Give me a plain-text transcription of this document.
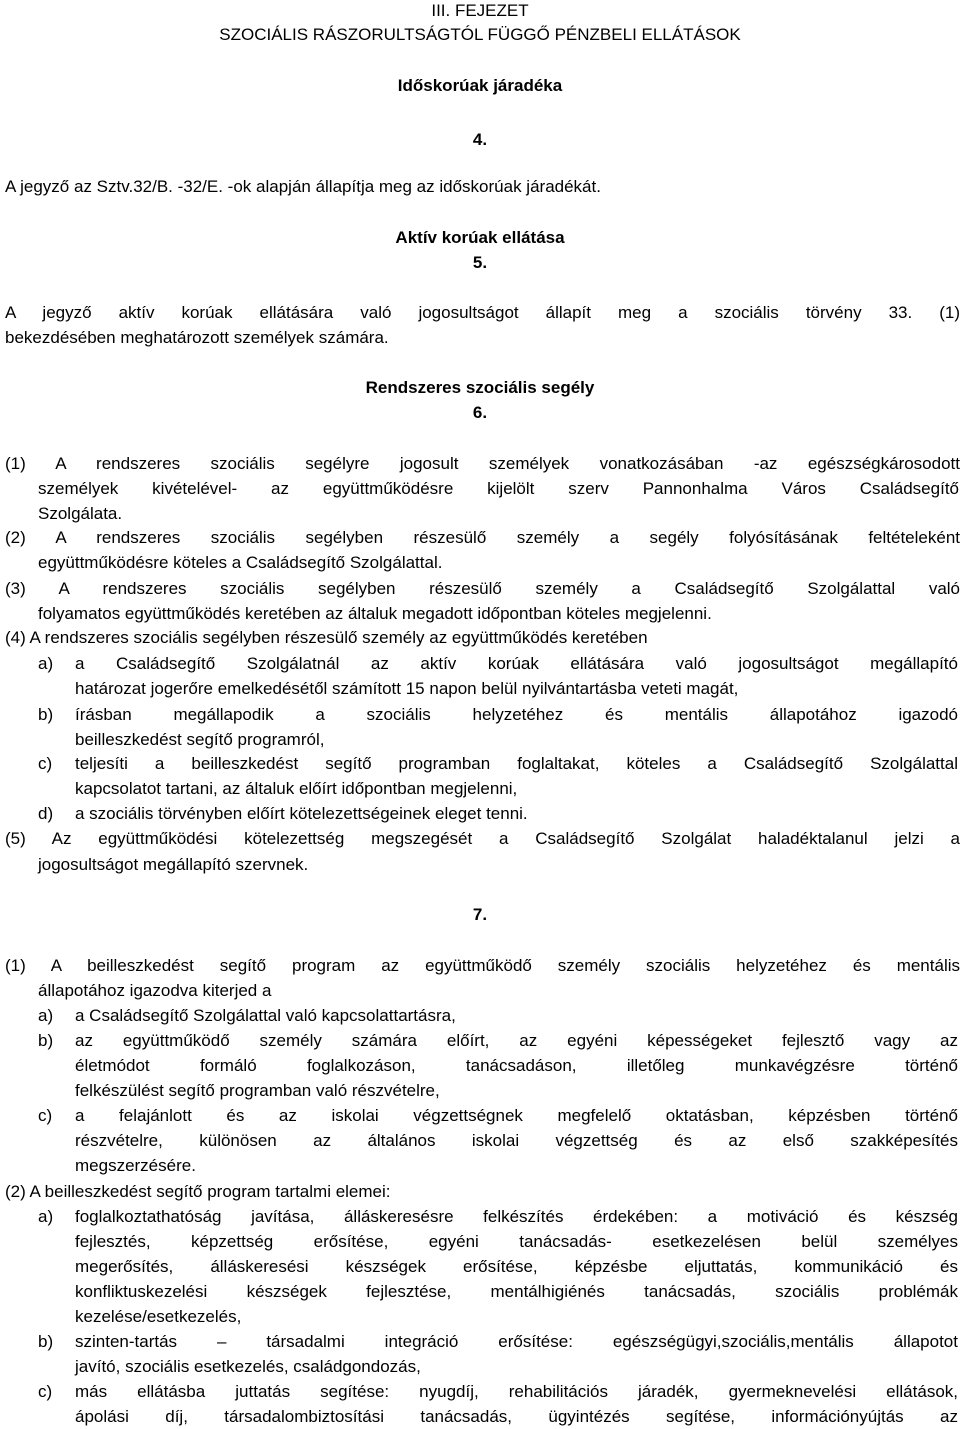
III. FEJEZET
SZOCIÁLIS RÁSZORULTSÁGTÓL FÜGGŐ PÉNZBELI ELLÁTÁSOK
Időskorúak járadéka
4.
A jegyző az Sztv.32/B. -32/E. -ok alapján állapítja meg az időskorúak járadékát.
Aktív korúak ellátása
5.
A jegyző aktív korúak ellátására való jogosultságot állapít meg a szociális törvény 33. (1)
bekezdésében meghatározott személyek számára.
Rendszeres szociális segély
6.
(1) A rendszeres szociális segélyre jogosult személyek vonatkozásában -az egészségkárosodott
személyek kivételével- az együttműködésre kijelölt szerv Pannonhalma Város Családsegítő
Szolgálata.
(2) A rendszeres szociális segélyben részesülő személy a segély folyósításának feltételeként
együttműködésre köteles a Családsegítő Szolgálattal.
(3) A rendszeres szociális segélyben részesülő személy a Családsegítő Szolgálattal való
folyamatos együttműködés keretében az általuk megadott időpontban köteles megjelenni.
(4) A rendszeres szociális segélyben részesülő személy az együttműködés keretében
a) a Családsegítő Szolgálatnál az aktív korúak ellátására való jogosultságot megállapító
határozat jogerőre emelkedésétől számított 15 napon belül nyilvántartásba veteti magát,
b) írásban megállapodik a szociális helyzetéhez és mentális állapotához igazodó
beilleszkedést segítő programról,
c) teljesíti a beilleszkedést segítő programban foglaltakat, köteles a Családsegítő Szolgálattal
kapcsolatot tartani, az általuk előírt időpontban megjelenni,
d) a szociális törvényben előírt kötelezettségeinek eleget tenni.
(5) Az együttműködési kötelezettség megszegését a Családsegítő Szolgálat haladéktalanul jelzi a
jogosultságot megállapító szervnek.
7.
(1) A beilleszkedést segítő program az együttműködő személy szociális helyzetéhez és mentális
állapotához igazodva kiterjed a
a) a Családsegítő Szolgálattal való kapcsolattartásra,
b) az együttműködő személy számára előírt, az egyéni képességeket fejlesztő vagy az
életmódot formáló foglalkozáson, tanácsadáson, illetőleg munkavégzésre történő
felkészülést segítő programban való részvételre,
c) a felajánlott és az iskolai végzettségnek megfelelő oktatásban, képzésben történő
részvételre, különösen az általános iskolai végzettség és az első szakképesítés
megszerzésére.
(2) A beilleszkedést segítő program tartalmi elemei:
a) foglalkoztathatóság javítása, álláskeresésre felkészítés érdekében: a motiváció és készség
fejlesztés, képzettség erősítése, egyéni tanácsadás- esetkezelésen belül személyes
megerősítés, álláskeresési készségek erősítése, képzésbe eljuttatás, kommunikáció és
konfliktuskezelési készségek fejlesztése, mentálhigiénés tanácsadás, szociális problémák
kezelése/esetkezelés,
b) szinten-tartás – társadalmi integráció erősítése: egészségügyi,szociális,mentális állapotot
javító, szociális esetkezelés, családgondozás,
c) más ellátásba juttatás segítése: nyugdíj, rehabilitációs járadék, gyermeknevelési ellátások,
ápolási díj, társadalombiztosítási tanácsadás, ügyintézés segítése, információnyújtás az
